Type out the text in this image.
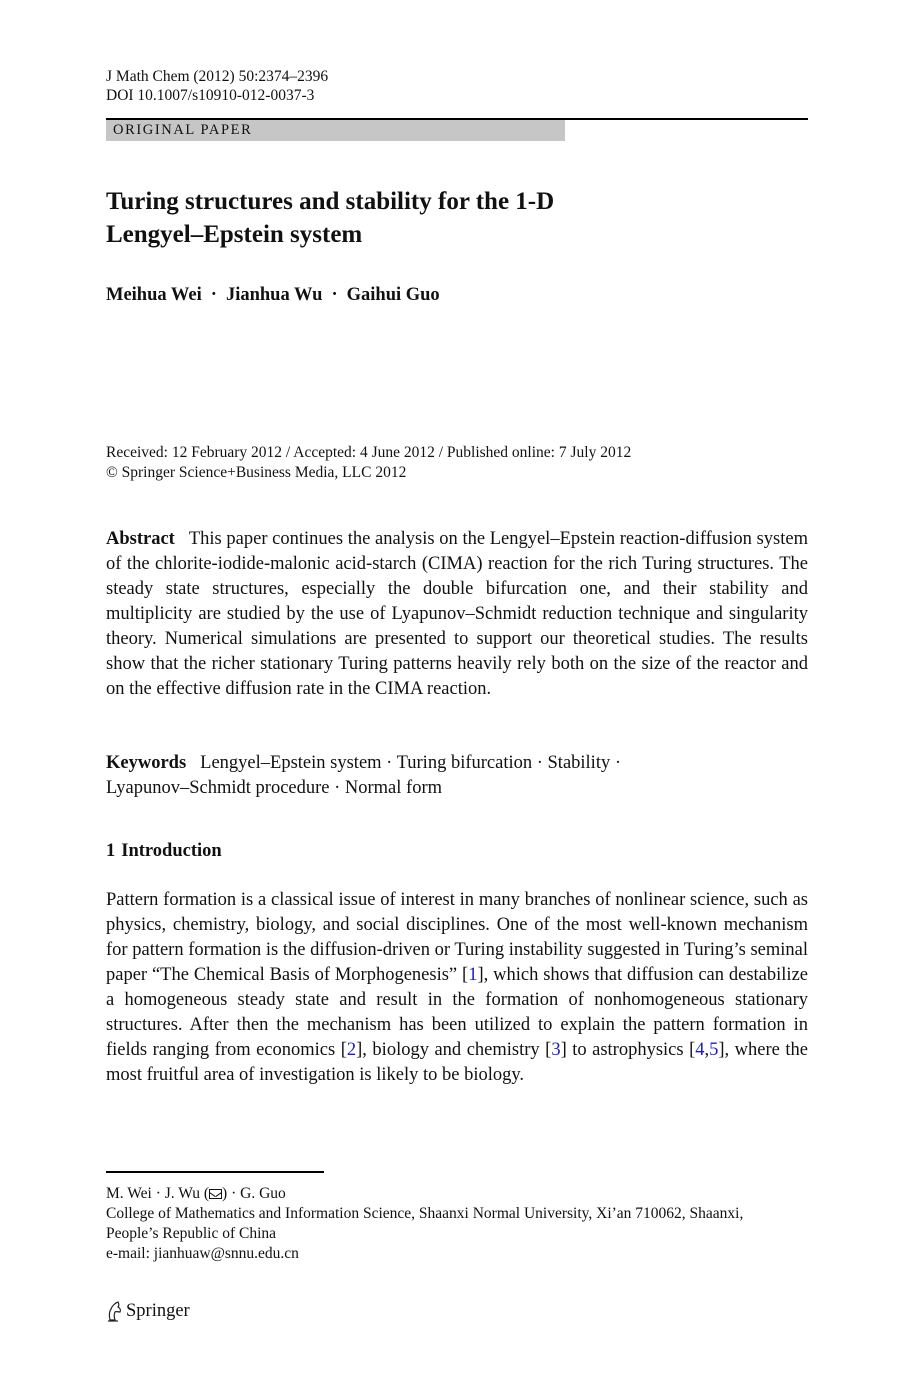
J Math Chem (2012) 50:2374–2396
DOI 10.1007/s10910-012-0037-3
ORIGINAL PAPER
Turing structures and stability for the 1-D
Lengyel–Epstein system
Meihua Wei · Jianhua Wu · Gaihui Guo
Received: 12 February 2012 / Accepted: 4 June 2012 / Published online: 7 July 2012
© Springer Science+Business Media, LLC 2012

Abstract This paper continues the analysis on the Lengyel–Epstein reaction-diffusion system of the chlorite-iodide-malonic acid-starch (CIMA) reaction for the rich Turing structures. The steady state structures, especially the double bifurcation one, and their stability and multiplicity are studied by the use of Lyapunov–Schmidt reduction technique and singularity theory. Numerical simulations are presented to support our theoretical studies. The results show that the richer stationary Turing patterns heavily rely both on the size of the reactor and on the effective diffusion rate in the CIMA reaction.

Keywords Lengyel–Epstein system · Turing bifurcation · Stability ·
Lyapunov–Schmidt procedure · Normal form
1 Introduction

Pattern formation is a classical issue of interest in many branches of nonlinear science, such as physics, chemistry, biology, and social disciplines. One of the most well-known mechanism for pattern formation is the diffusion-driven or Turing instability suggested in Turing’s seminal paper “The Chemical Basis of Morphogenesis” [1], which shows that diffusion can destabilize a homogeneous steady state and result in the formation of nonhomogeneous stationary structures. After then the mechanism has been utilized to explain the pattern formation in fields ranging from economics [2], biology and chemistry [3] to astrophysics [4,5], where the most fruitful area of investigation is likely to be biology.

M. Wei · J. Wu ( ) · G. Guo
College of Mathematics and Information Science, Shaanxi Normal University, Xi’an 710062, Shaanxi,
People’s Republic of China
e-mail: jianhuaw@snnu.edu.cn
Springer
